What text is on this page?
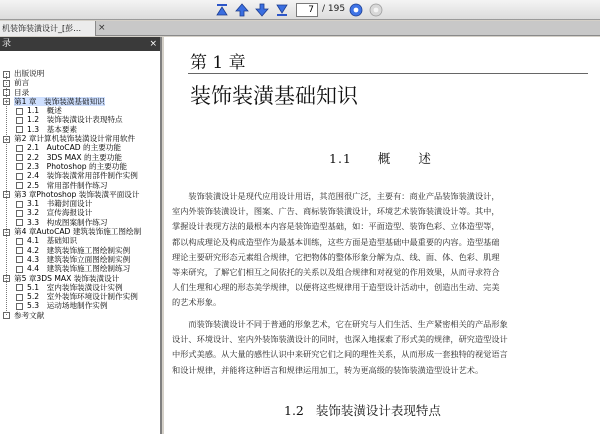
7 / 195
机装饰装潢设计_[彭…	×
录	×
出版说明
前言
目录
− 第1 章　装饰装潢基础知识
1.1　概述
1.2　装饰装潢设计表现特点
1.3　基本要素
− 第2 章计算机装饰装潢设计常用软件
2.1　AutoCAD 的主要功能
2.2　3DS MAX 的主要功能
2.3　Photoshop 的主要功能
2.4　装饰装潢常用部件制作实例
2.5　常用部件制作练习
− 第3 章Photoshop 装饰装潢平面设计
3.1　书籍封面设计
3.2　宣传海报设计
3.3　构成图案制作练习
− 第4 章AutoCAD 建筑装饰施工图绘制
4.1　基础知识
4.2　建筑装饰施工图绘制实例
4.3　建筑装饰立面图绘制实例
4.4　建筑装饰施工图绘制练习
− 第5 章3DS MAX 装饰装潢设计
5.1　室内装饰装潢设计实例
5.2　室外装饰环境设计制作实例
5.3　运动场地制作实例
参考文献
第 1 章
装饰装潢基础知识
1.1 概　　述
　　装饰装潢设计是现代应用设计用语，其范围很广泛，主要有：商业产品装饰装潢设计，
室内外装饰装潢设计，图案、广告、商标装饰装潢设计，环境艺术装饰装潢设计等。其中，
掌握设计表现方法的最根本内容是装饰造型基础，如：平面造型、装饰色彩、立体造型等，
都以构成理论及构成造型作为最基本训练，这些方面是造型基础中最重要的内容。造型基础
理论主要研究形态元素组合规律，它把物体的整体形象分解为点、线、面、体、色彩、肌理
等来研究，了解它们相互之间依托的关系以及组合规律和对视觉的作用效果，从而寻求符合
人们生理和心理的形态美学规律，以便将这些规律用于造型设计活动中，创造出生动、完美
的艺术形象。
　　而装饰装潢设计不同于普通的形象艺术，它在研究与人们生活、生产紧密相关的产品形象
设计、环境设计、室内外装饰装潢设计的同时，也深入地探索了形式美的规律，研究造型设计
中形式美感。从大量的感性认识中来研究它们之间的理性关系，从而形成一套独特的视觉语言
和设计规律，并能将这种语言和规律运用加工，转为更高级的装饰装潢造型设计艺术。
1.2 装饰装潢设计表现特点
